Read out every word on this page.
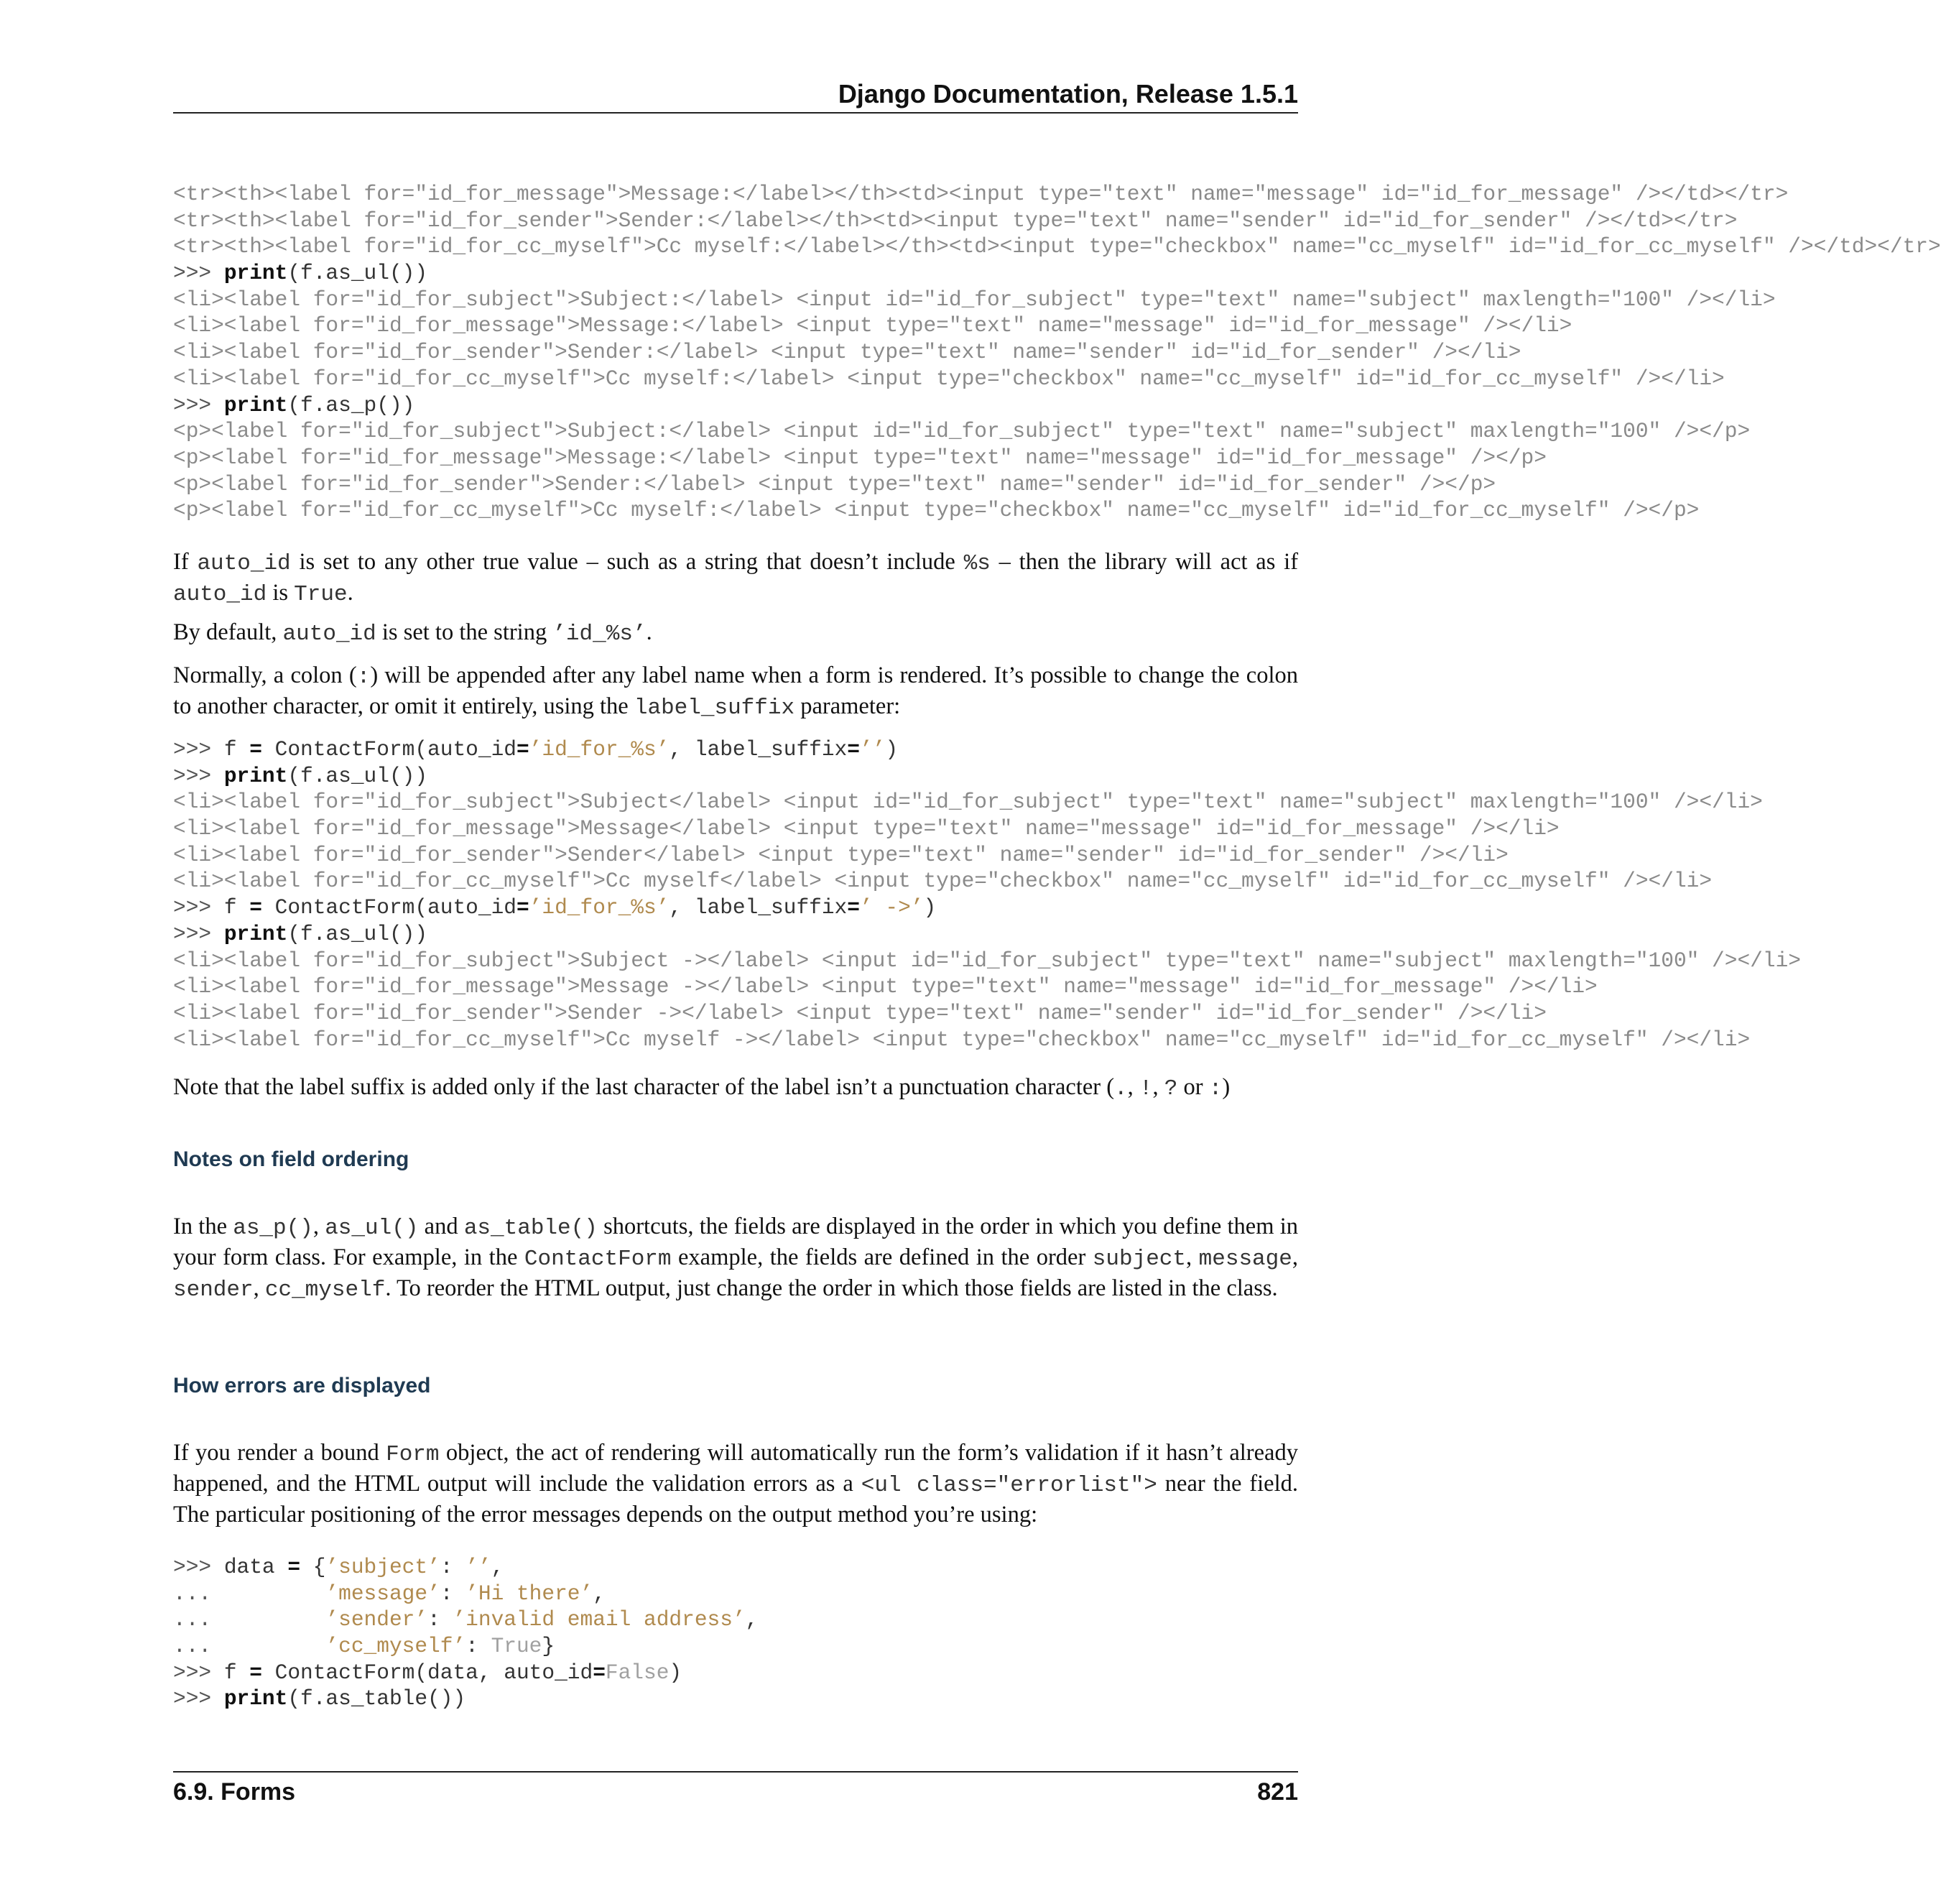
Django Documentation, Release 1.5.1
<tr><th><label for="id_for_message">Message:</label></th><td><input type="text" name="message" id="id_for_message" /></td></tr>
<tr><th><label for="id_for_sender">Sender:</label></th><td><input type="text" name="sender" id="id_for_sender" /></td></tr>
<tr><th><label for="id_for_cc_myself">Cc myself:</label></th><td><input type="checkbox" name="cc_myself" id="id_for_cc_myself" /></td></tr>
>>> print(f.as_ul())
<li><label for="id_for_subject">Subject:</label> <input id="id_for_subject" type="text" name="subject" maxlength="100" /></li>
<li><label for="id_for_message">Message:</label> <input type="text" name="message" id="id_for_message" /></li>
<li><label for="id_for_sender">Sender:</label> <input type="text" name="sender" id="id_for_sender" /></li>
<li><label for="id_for_cc_myself">Cc myself:</label> <input type="checkbox" name="cc_myself" id="id_for_cc_myself" /></li>
>>> print(f.as_p())
<p><label for="id_for_subject">Subject:</label> <input id="id_for_subject" type="text" name="subject" maxlength="100" /></p>
<p><label for="id_for_message">Message:</label> <input type="text" name="message" id="id_for_message" /></p>
<p><label for="id_for_sender">Sender:</label> <input type="text" name="sender" id="id_for_sender" /></p>
<p><label for="id_for_cc_myself">Cc myself:</label> <input type="checkbox" name="cc_myself" id="id_for_cc_myself" /></p>
If auto_id is set to any other true value – such as a string that doesn’t include %s – then the library will act as if auto_id is True.
By default, auto_id is set to the string ’id_%s’.
Normally, a colon (:) will be appended after any label name when a form is rendered. It’s possible to change the colon to another character, or omit it entirely, using the label_suffix parameter:
>>> f = ContactForm(auto_id=’id_for_%s’, label_suffix=’’)
>>> print(f.as_ul())
<li><label for="id_for_subject">Subject</label> <input id="id_for_subject" type="text" name="subject" maxlength="100" /></li>
<li><label for="id_for_message">Message</label> <input type="text" name="message" id="id_for_message" /></li>
<li><label for="id_for_sender">Sender</label> <input type="text" name="sender" id="id_for_sender" /></li>
<li><label for="id_for_cc_myself">Cc myself</label> <input type="checkbox" name="cc_myself" id="id_for_cc_myself" /></li>
>>> f = ContactForm(auto_id=’id_for_%s’, label_suffix=’ ->’)
>>> print(f.as_ul())
<li><label for="id_for_subject">Subject -></label> <input id="id_for_subject" type="text" name="subject" maxlength="100" /></li>
<li><label for="id_for_message">Message -></label> <input type="text" name="message" id="id_for_message" /></li>
<li><label for="id_for_sender">Sender -></label> <input type="text" name="sender" id="id_for_sender" /></li>
<li><label for="id_for_cc_myself">Cc myself -></label> <input type="checkbox" name="cc_myself" id="id_for_cc_myself" /></li>
Note that the label suffix is added only if the last character of the label isn’t a punctuation character (., !, ? or :)
Notes on field ordering
In the as_p(), as_ul() and as_table() shortcuts, the fields are displayed in the order in which you define them in your form class. For example, in the ContactForm example, the fields are defined in the order subject, message, sender, cc_myself. To reorder the HTML output, just change the order in which those fields are listed in the class.
How errors are displayed
If you render a bound Form object, the act of rendering will automatically run the form’s validation if it hasn’t already happened, and the HTML output will include the validation errors as a <ul class="errorlist"> near the field. The particular positioning of the error messages depends on the output method you’re using:
>>> data = {’subject’: ’’,
...         ’message’: ’Hi there’,
...         ’sender’: ’invalid email address’,
...         ’cc_myself’: True}
>>> f = ContactForm(data, auto_id=False)
>>> print(f.as_table())
6.9. Forms	821
